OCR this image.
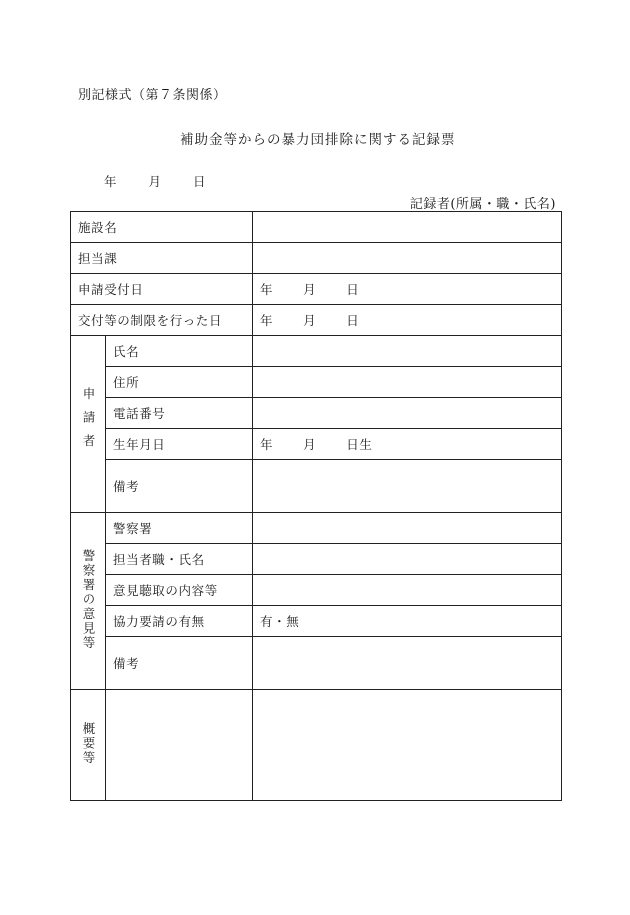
別記様式（第７条関係）
補助金等からの暴力団排除に関する記録票
年	月	日
記録者(所属・職・氏名)
施設名		
担当課		
申請受付日		年 月 日
交付等の制限を行った日		年 月 日
申請者	氏名	
	住所	
	電話番号	
	生年月日	年 月 日生
	備考	
警察署の意見等	警察署	
	担当者職・氏名	
	意見聴取の内容等	
	協力要請の有無	有・無
	備考	
概要等		
